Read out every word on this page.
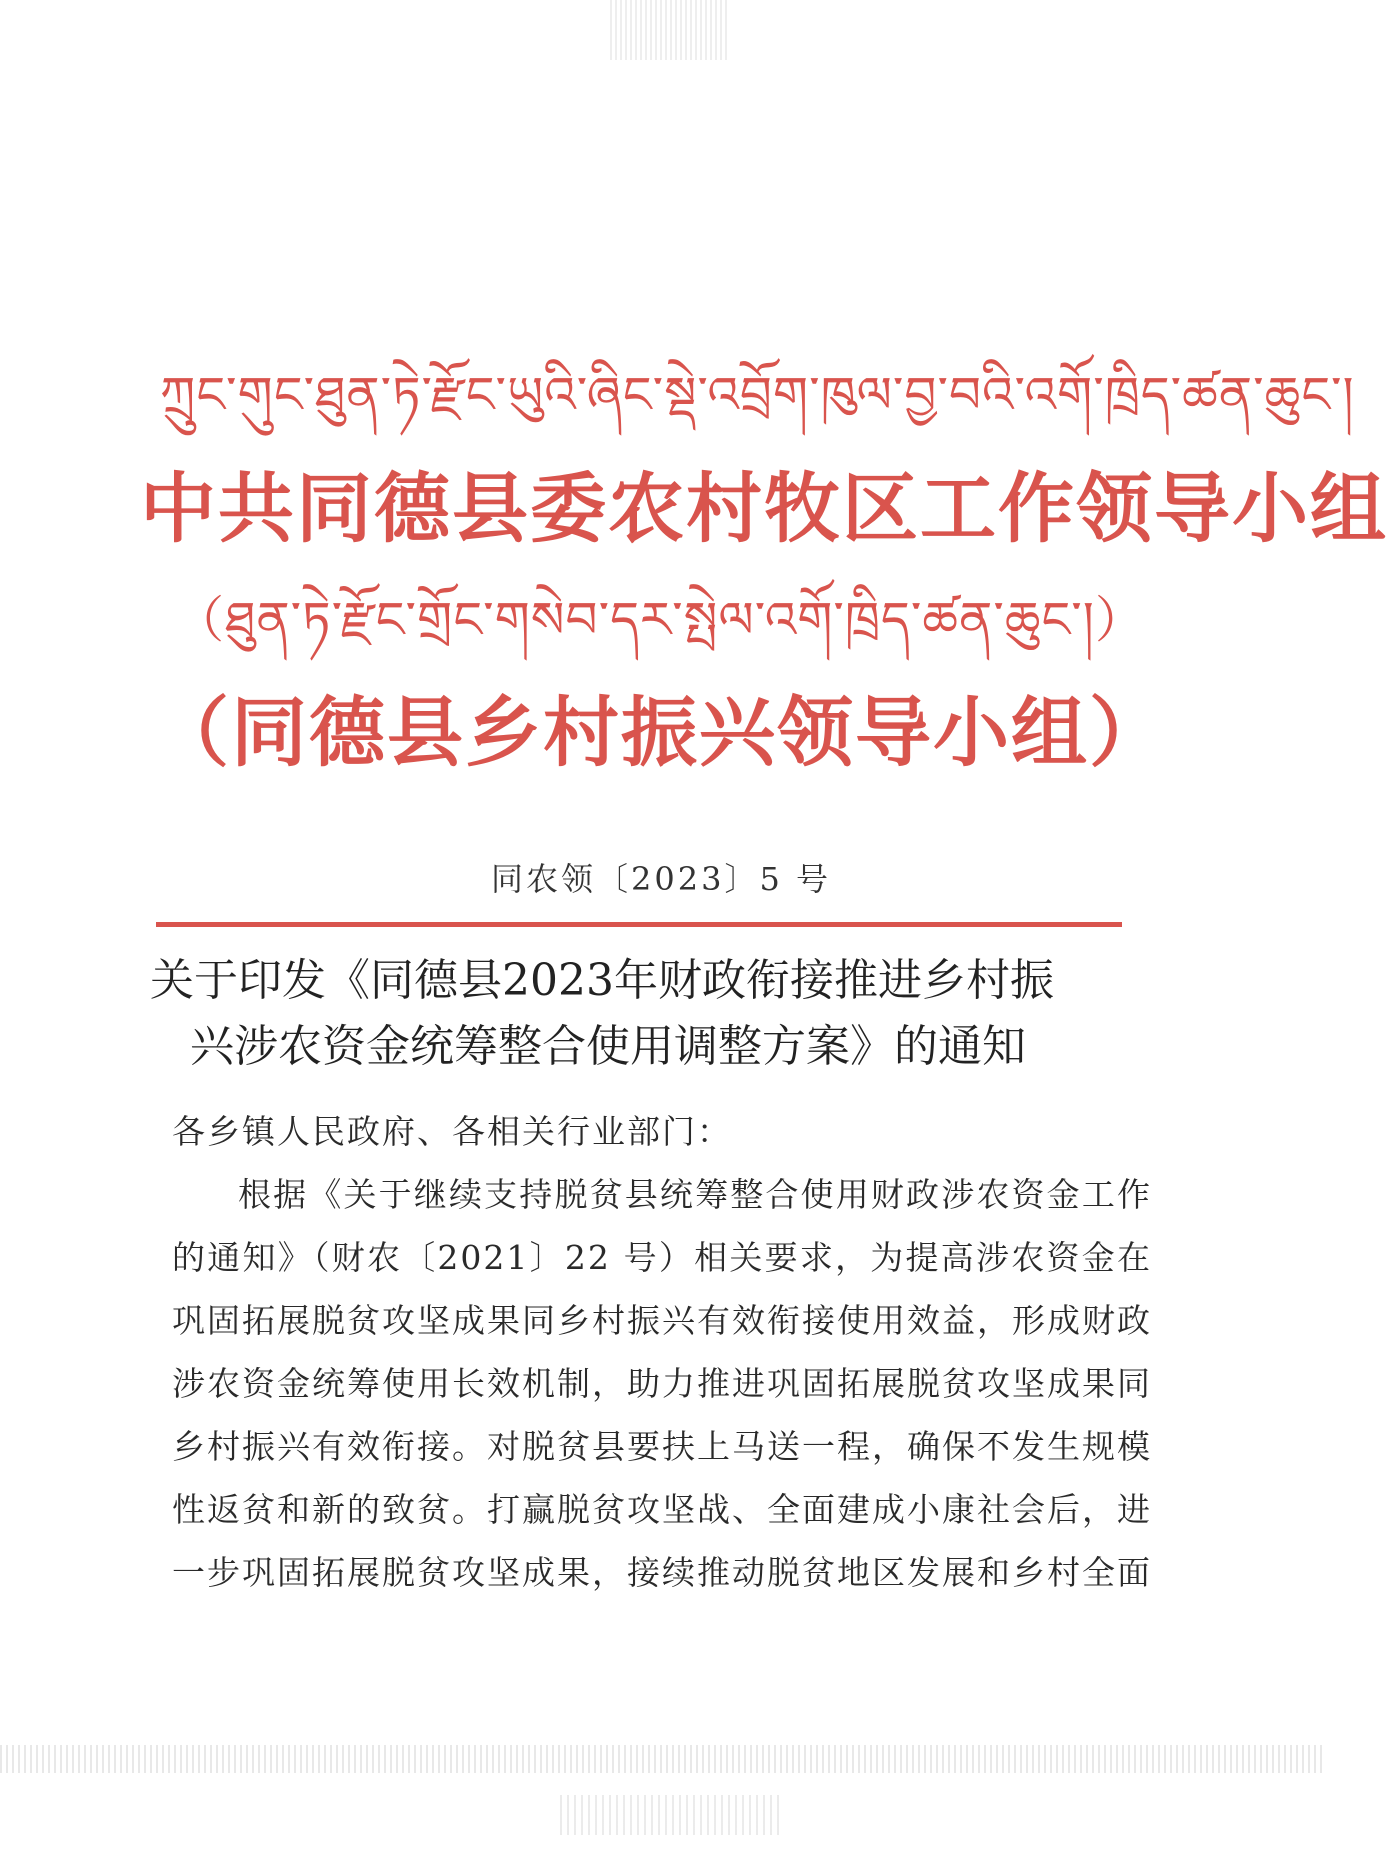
ཀྲུང་གུང་ཐུན་ཏེ་རྫོང་ཡུའི་ཞིང་སྡེ་འབྲོག་ཁུལ་བྱ་བའི་འགོ་ཁྲིད་ཚན་ཆུང་།
中共同德县委农村牧区工作领导小组
（ཐུན་ཏེ་རྫོང་གྲོང་གསེབ་དར་སྤེལ་འགོ་ཁྲིད་ཚན་ཆུང་།）
（同德县乡村振兴领导小组）
同农领〔2023〕5 号
关于印发《同德县2023年财政衔接推进乡村振
兴涉农资金统筹整合使用调整方案》的通知

各乡镇人民政府、各相关行业部门：

根据《关于继续支持脱贫县统筹整合使用财政涉农资金工作的通知》（财农〔2021〕22 号）相关要求，为提高涉农资金在巩固拓展脱贫攻坚成果同乡村振兴有效衔接使用效益，形成财政涉农资金统筹使用长效机制，助力推进巩固拓展脱贫攻坚成果同乡村振兴有效衔接。对脱贫县要扶上马送一程，确保不发生规模性返贫和新的致贫。打赢脱贫攻坚战、全面建成小康社会后，进一步巩固拓展脱贫攻坚成果，接续推动脱贫地区发展和乡村全面
